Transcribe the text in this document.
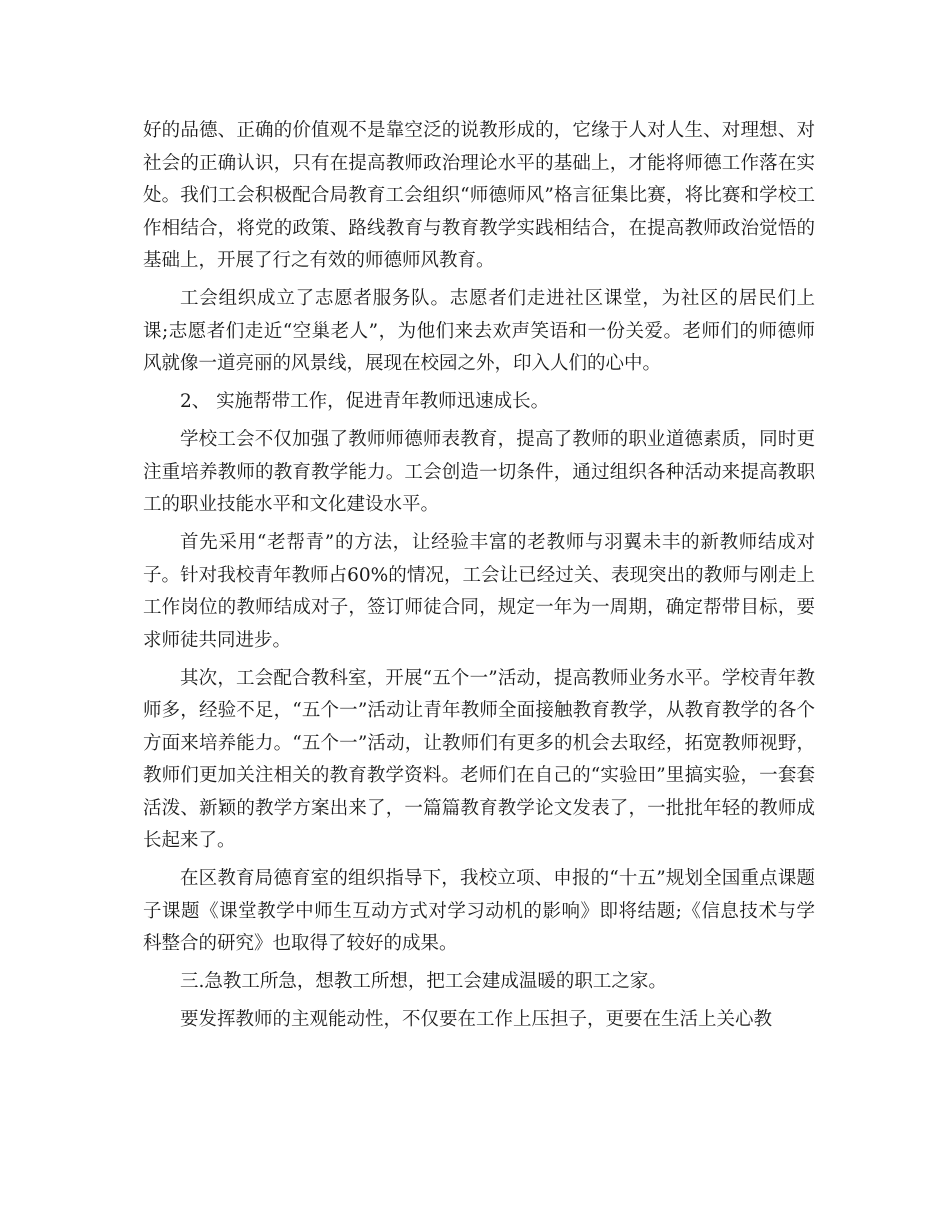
好的品德、正确的价值观不是靠空泛的说教形成的，它缘于人对人生、对理想、对社会的正确认识，只有在提高教师政治理论水平的基础上，才能将师德工作落在实处。我们工会积极配合局教育工会组织“师德师风”格言征集比赛，将比赛和学校工作相结合，将党的政策、路线教育与教育教学实践相结合，在提高教师政治觉悟的基础上，开展了行之有效的师德师风教育。

工会组织成立了志愿者服务队。志愿者们走进社区课堂，为社区的居民们上课;志愿者们走近“空巢老人”，为他们来去欢声笑语和一份关爱。老师们的师德师风就像一道亮丽的风景线，展现在校园之外，印入人们的心中。

2、 实施帮带工作，促进青年教师迅速成长。

学校工会不仅加强了教师师德师表教育，提高了教师的职业道德素质，同时更注重培养教师的教育教学能力。工会创造一切条件，通过组织各种活动来提高教职工的职业技能水平和文化建设水平。

首先采用“老帮青”的方法，让经验丰富的老教师与羽翼未丰的新教师结成对子。针对我校青年教师占60%的情况，工会让已经过关、表现突出的教师与刚走上工作岗位的教师结成对子，签订师徒合同，规定一年为一周期，确定帮带目标，要求师徒共同进步。

其次，工会配合教科室，开展“五个一”活动，提高教师业务水平。学校青年教师多，经验不足，“五个一”活动让青年教师全面接触教育教学，从教育教学的各个方面来培养能力。“五个一”活动，让教师们有更多的机会去取经，拓宽教师视野，教师们更加关注相关的教育教学资料。老师们在自己的“实验田”里搞实验，一套套活泼、新颖的教学方案出来了，一篇篇教育教学论文发表了，一批批年轻的教师成长起来了。

在区教育局德育室的组织指导下，我校立项、申报的“十五”规划全国重点课题子课题《课堂教学中师生互动方式对学习动机的影响》即将结题;《信息技术与学科整合的研究》也取得了较好的成果。

三.急教工所急，想教工所想，把工会建成温暖的职工之家。

要发挥教师的主观能动性，不仅要在工作上压担子，更要在生活上关心教
